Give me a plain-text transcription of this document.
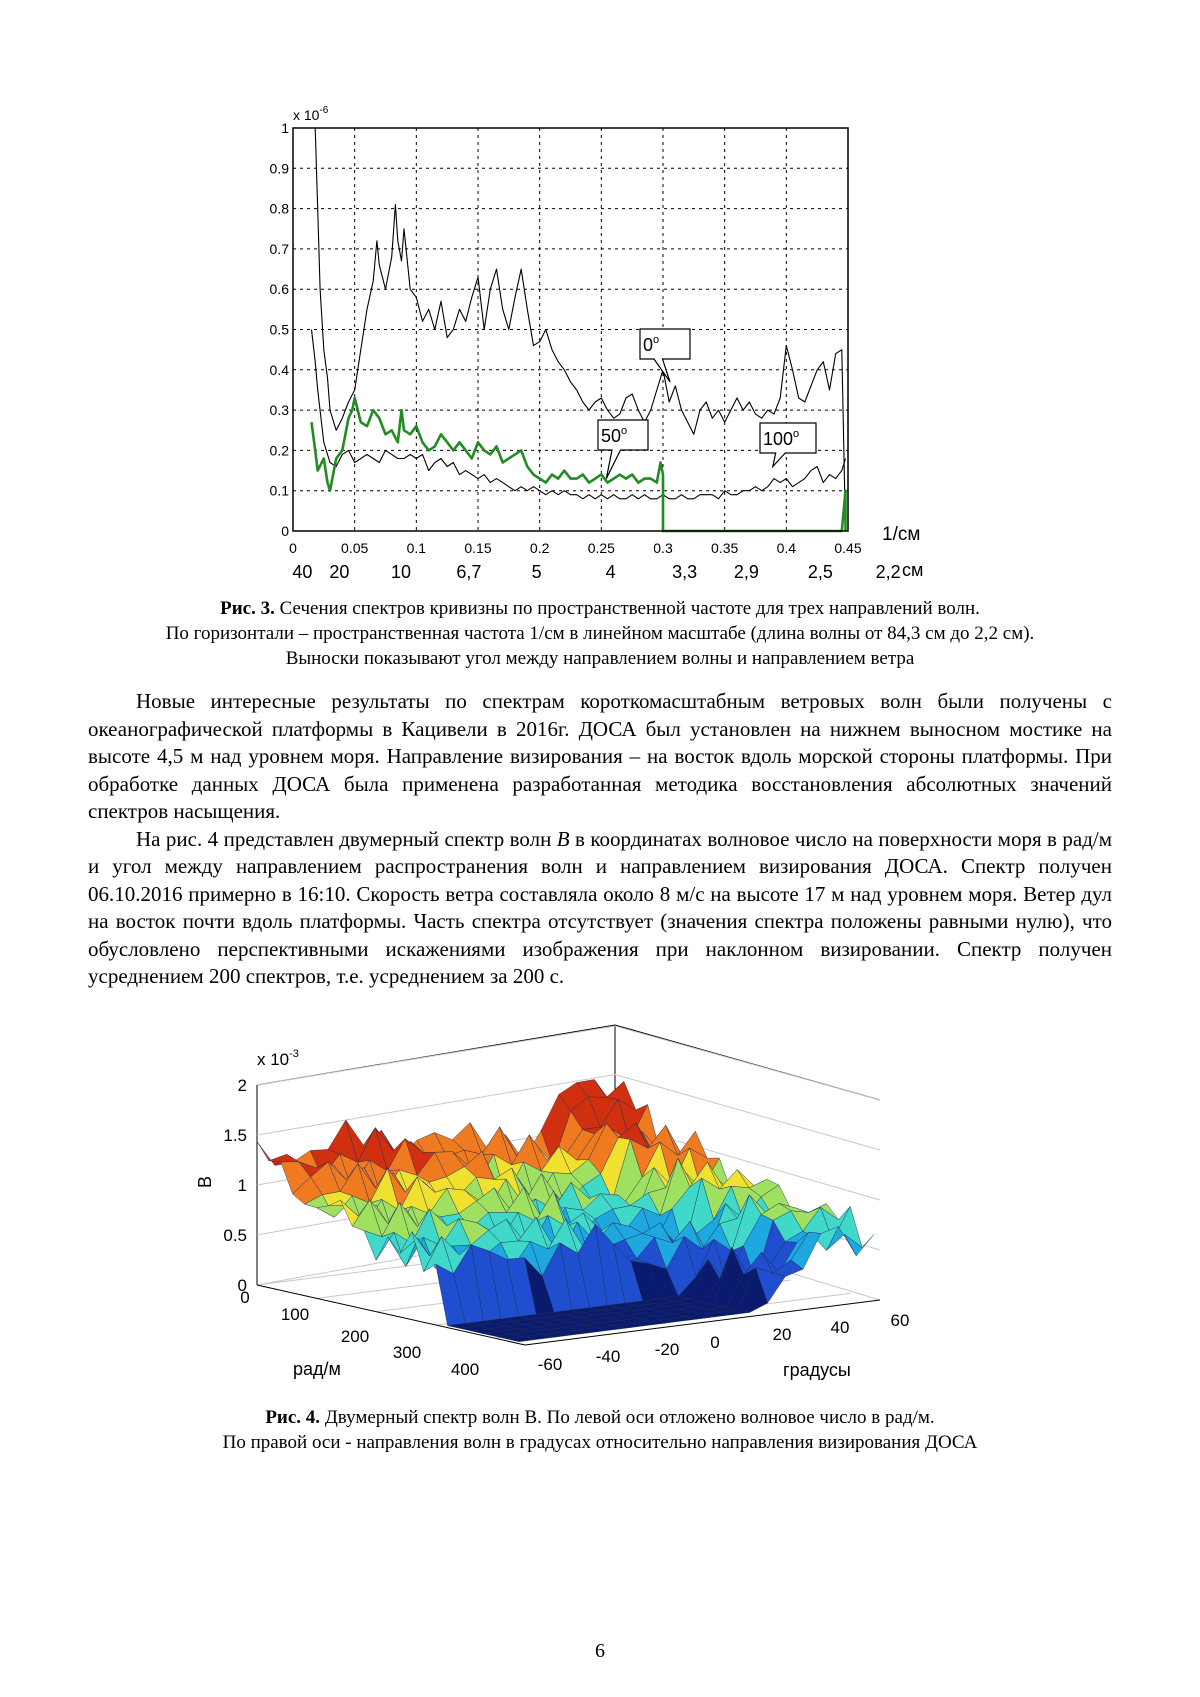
0	0.05	0.1	0.15	0.2	0.25	0.3	0.35	0.4	0.45
0
0.1
0.2
0.3
0.4
0.5
0.6
0.7
0.8
0.9
1
40 20 10	6,7	5	4	3,3 2,9	2,5 2,2
0$^o$
50$^o$	100$^o$
x $10^{-6}$
1/см
см
Рис. 3. Сечения спектров кривизны по пространственной частоте для трех направлений волн.
По горизонтали – пространственная частота 1/см в линейном масштабе (длина волны от 84,3 см до 2,2 см).
Выноски показывают угол между направлением волны и направлением ветра

Новые интересные результаты по спектрам короткомасштабным ветровых волн были получены с океанографической платформы в Кацивели в 2016г. ДОСА был установлен на нижнем выносном мостике на высоте 4,5 м над уровнем моря. Направление визирования – на восток вдоль морской стороны платформы. При обработке данных ДОСА была применена разработанная методика восстановления абсолютных значений спектров насыщения.

На рис. 4 представлен двумерный спектр волн B в координатах волновое число на поверхности моря в рад/м и угол между направлением распространения волн и направлением визирования ДОСА. Спектр получен 06.10.2016 примерно в 16:10. Скорость ветра составляла около 8 м/с на высоте 17 м над уровнем моря. Ветер дул на восток почти вдоль платформы. Часть спектра отсутствует (значения спектра положены равными нулю), что обусловлено перспективными искажениями изображения при наклонном визировании. Спектр получен усреднением 200 спектров, т.е. усреднением за 200 с.

0
0.5
1
1.5
2
0
100
200
300
400	-60 -40 -20 0	20 40 60
x $10^{-3}$
B
рад/м	градусы
Рис. 4. Двумерный спектр волн В. По левой оси отложено волновое число в рад/м.
По правой оси - направления волн в градусах относительно направления визирования ДОСА
6
